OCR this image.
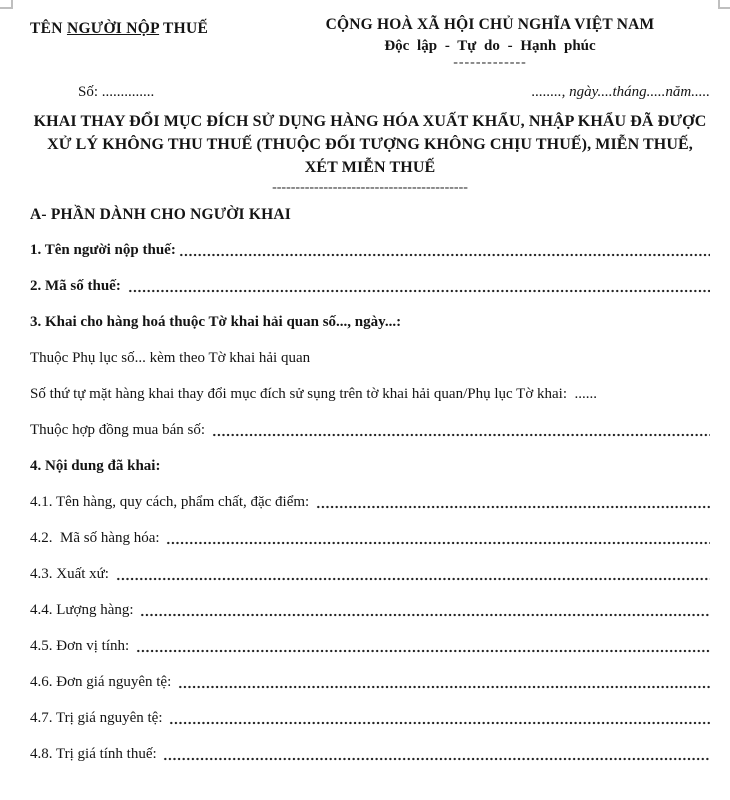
TÊN NGƯỜI NỘP THUẾ	CỘNG HOÀ XÃ HỘI CHỦ NGHĨA VIỆT NAM
Độc lập - Tự do - Hạnh phúc
-------------
Số: ..............	........, ngày....tháng.....năm.....
KHAI THAY ĐỔI MỤC ĐÍCH SỬ DỤNG HÀNG HÓA XUẤT KHẨU, NHẬP KHẨU ĐÃ ĐƯỢC XỬ LÝ KHÔNG THU THUẾ (THUỘC ĐỐI TƯỢNG KHÔNG CHỊU THUẾ), MIỄN THUẾ, XÉT MIỄN THUẾ
------------------------------------------
A- PHẦN DÀNH CHO NGƯỜI KHAI
1. Tên người nộp thuế:
2. Mã số thuế:
3. Khai cho hàng hoá thuộc Tờ khai hải quan số..., ngày...:
Thuộc Phụ lục số... kèm theo Tờ khai hải quan
Số thứ tự mặt hàng khai thay đổi mục đích sử sụng trên tờ khai hải quan/Phụ lục Tờ khai:  ......
Thuộc hợp đồng mua bán số:
4. Nội dung đã khai:
4.1. Tên hàng, quy cách, phẩm chất, đặc điểm:
4.2.  Mã số hàng hóa:
4.3. Xuất xứ:
4.4. Lượng hàng:
4.5. Đơn vị tính:
4.6. Đơn giá nguyên tệ:
4.7. Trị giá nguyên tệ:
4.8. Trị giá tính thuế:
